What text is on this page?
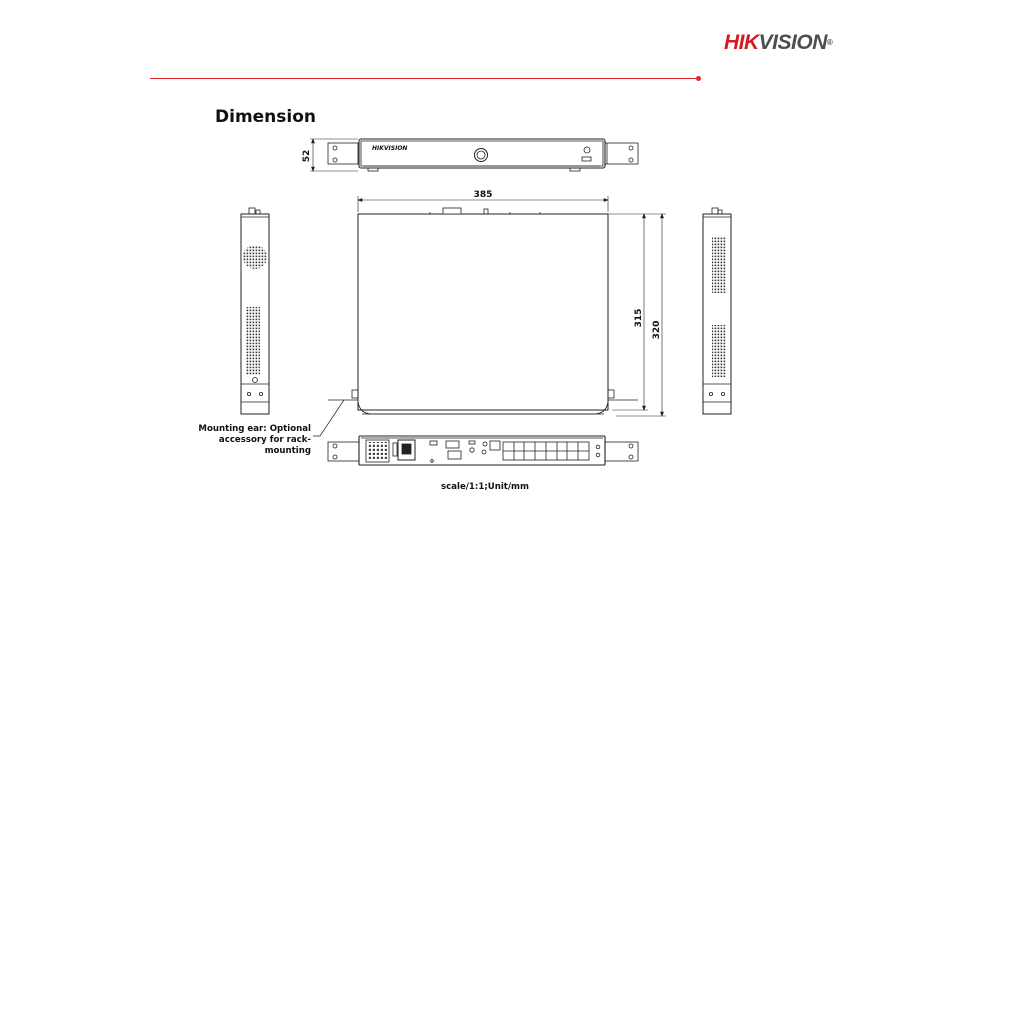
HIKVISION®
Dimension
HIKVISION
52
385
315
320
Mounting ear: Optional accessory for rack-mounting
scale/1:1;Unit/mm
